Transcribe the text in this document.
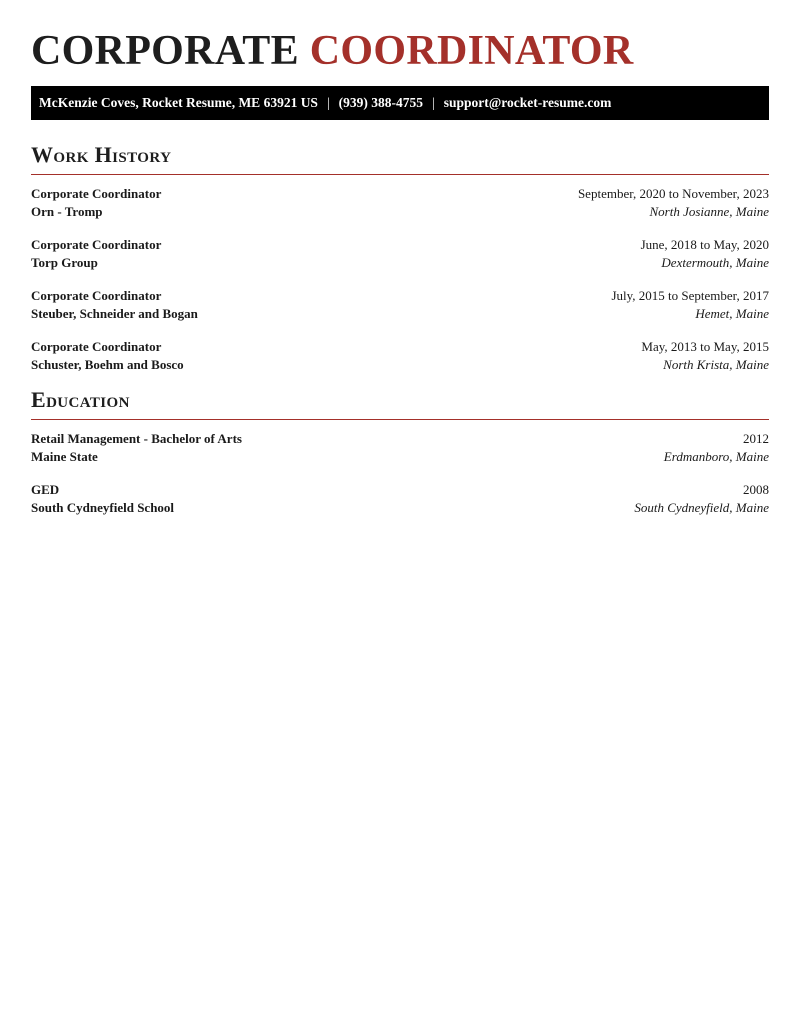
CORPORATE COORDINATOR
McKenzie Coves, Rocket Resume, ME 63921 US | (939) 388-4755 | support@rocket-resume.com
Work History
Corporate Coordinator	September, 2020 to November, 2023
Orn - Tromp	North Josianne, Maine
Corporate Coordinator	June, 2018 to May, 2020
Torp Group	Dextermouth, Maine
Corporate Coordinator	July, 2015 to September, 2017
Steuber, Schneider and Bogan	Hemet, Maine
Corporate Coordinator	May, 2013 to May, 2015
Schuster, Boehm and Bosco	North Krista, Maine
Education
Retail Management - Bachelor of Arts	2012
Maine State	Erdmanboro, Maine
GED	2008
South Cydneyfield School	South Cydneyfield, Maine
